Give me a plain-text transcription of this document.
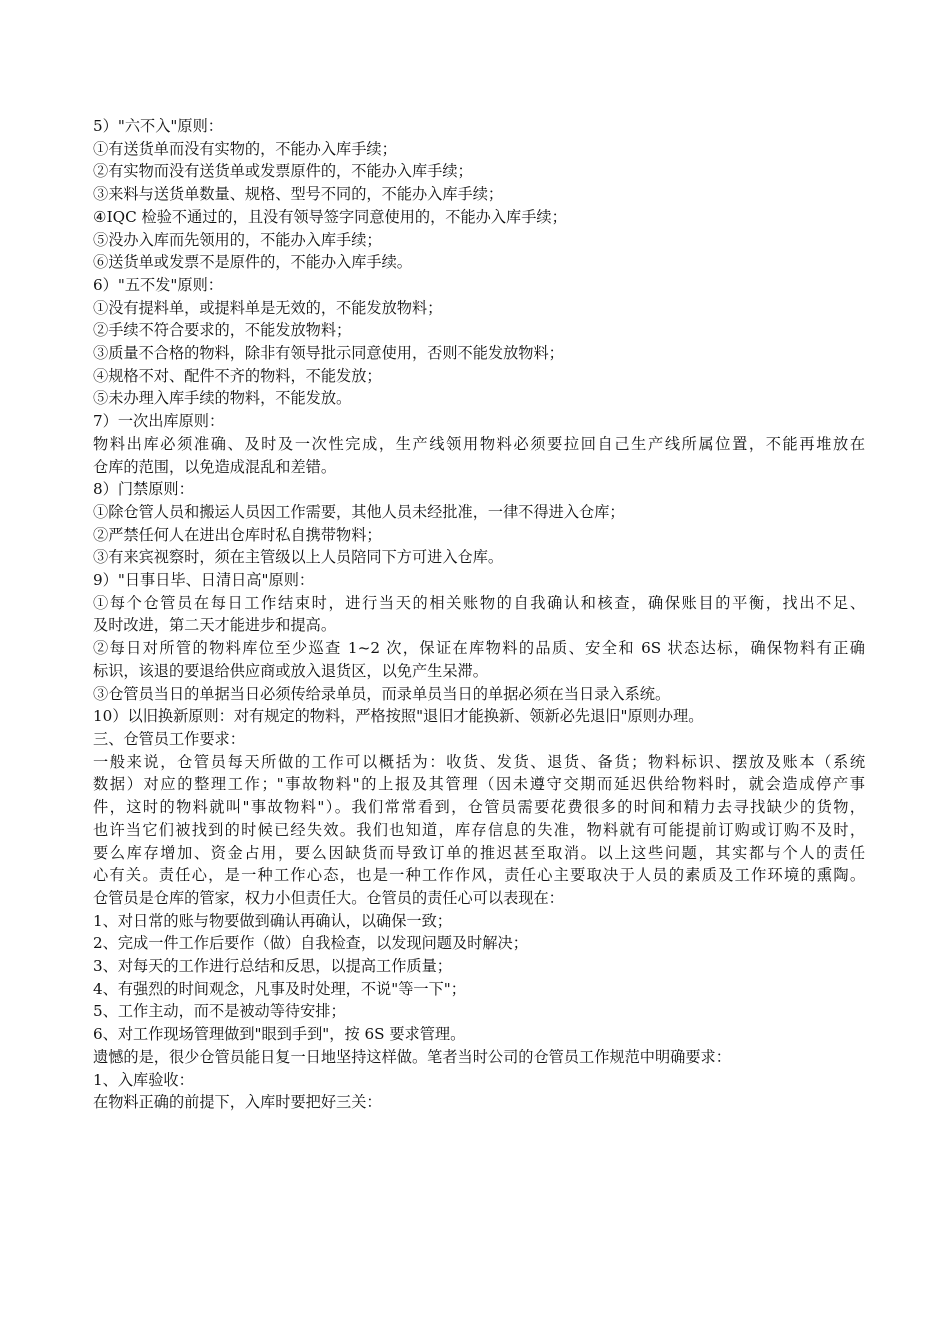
5）"六不入"原则：
①有送货单而没有实物的，不能办入库手续；
②有实物而没有送货单或发票原件的，不能办入库手续；
③来料与送货单数量、规格、型号不同的，不能办入库手续；
④IQC 检验不通过的，且没有领导签字同意使用的，不能办入库手续；
⑤没办入库而先领用的，不能办入库手续；
⑥送货单或发票不是原件的，不能办入库手续。
6）"五不发"原则：
①没有提料单，或提料单是无效的，不能发放物料；
②手续不符合要求的，不能发放物料；
③质量不合格的物料，除非有领导批示同意使用，否则不能发放物料；
④规格不对、配件不齐的物料，不能发放；
⑤未办理入库手续的物料，不能发放。
7）一次出库原则：
物料出库必须准确、及时及一次性完成，生产线领用物料必须要拉回自己生产线所属位置，不能再堆放在
仓库的范围，以免造成混乱和差错。
8）门禁原则：
①除仓管人员和搬运人员因工作需要，其他人员未经批准，一律不得进入仓库；
②严禁任何人在进出仓库时私自携带物料；
③有来宾视察时，须在主管级以上人员陪同下方可进入仓库。
9）"日事日毕、日清日高"原则：
①每个仓管员在每日工作结束时，进行当天的相关账物的自我确认和核查，确保账目的平衡，找出不足、
及时改进，第二天才能进步和提高。
②每日对所管的物料库位至少巡查 1~2 次，保证在库物料的品质、安全和 6S 状态达标，确保物料有正确
标识，该退的要退给供应商或放入退货区，以免产生呆滞。
③仓管员当日的单据当日必须传给录单员，而录单员当日的单据必须在当日录入系统。
10）以旧换新原则：对有规定的物料，严格按照"退旧才能换新、领新必先退旧"原则办理。
三、仓管员工作要求：
一般来说，仓管员每天所做的工作可以概括为：收货、发货、退货、备货；物料标识、摆放及账本（系统
数据）对应的整理工作；"事故物料"的上报及其管理（因未遵守交期而延迟供给物料时，就会造成停产事
件，这时的物料就叫"事故物料"）。我们常常看到，仓管员需要花费很多的时间和精力去寻找缺少的货物，
也许当它们被找到的时候已经失效。我们也知道，库存信息的失准，物料就有可能提前订购或订购不及时，
要么库存增加、资金占用，要么因缺货而导致订单的推迟甚至取消。以上这些问题，其实都与个人的责任
心有关。责任心，是一种工作心态，也是一种工作作风，责任心主要取决于人员的素质及工作环境的熏陶。
仓管员是仓库的管家，权力小但责任大。仓管员的责任心可以表现在：
1、对日常的账与物要做到确认再确认，以确保一致；
2、完成一件工作后要作（做）自我检查，以发现问题及时解决；
3、对每天的工作进行总结和反思，以提高工作质量；
4、有强烈的时间观念，凡事及时处理，不说"等一下"；
5、工作主动，而不是被动等待安排；
6、对工作现场管理做到"眼到手到"，按 6S 要求管理。
遗憾的是，很少仓管员能日复一日地坚持这样做。笔者当时公司的仓管员工作规范中明确要求：
1、入库验收：
在物料正确的前提下，入库时要把好三关：
